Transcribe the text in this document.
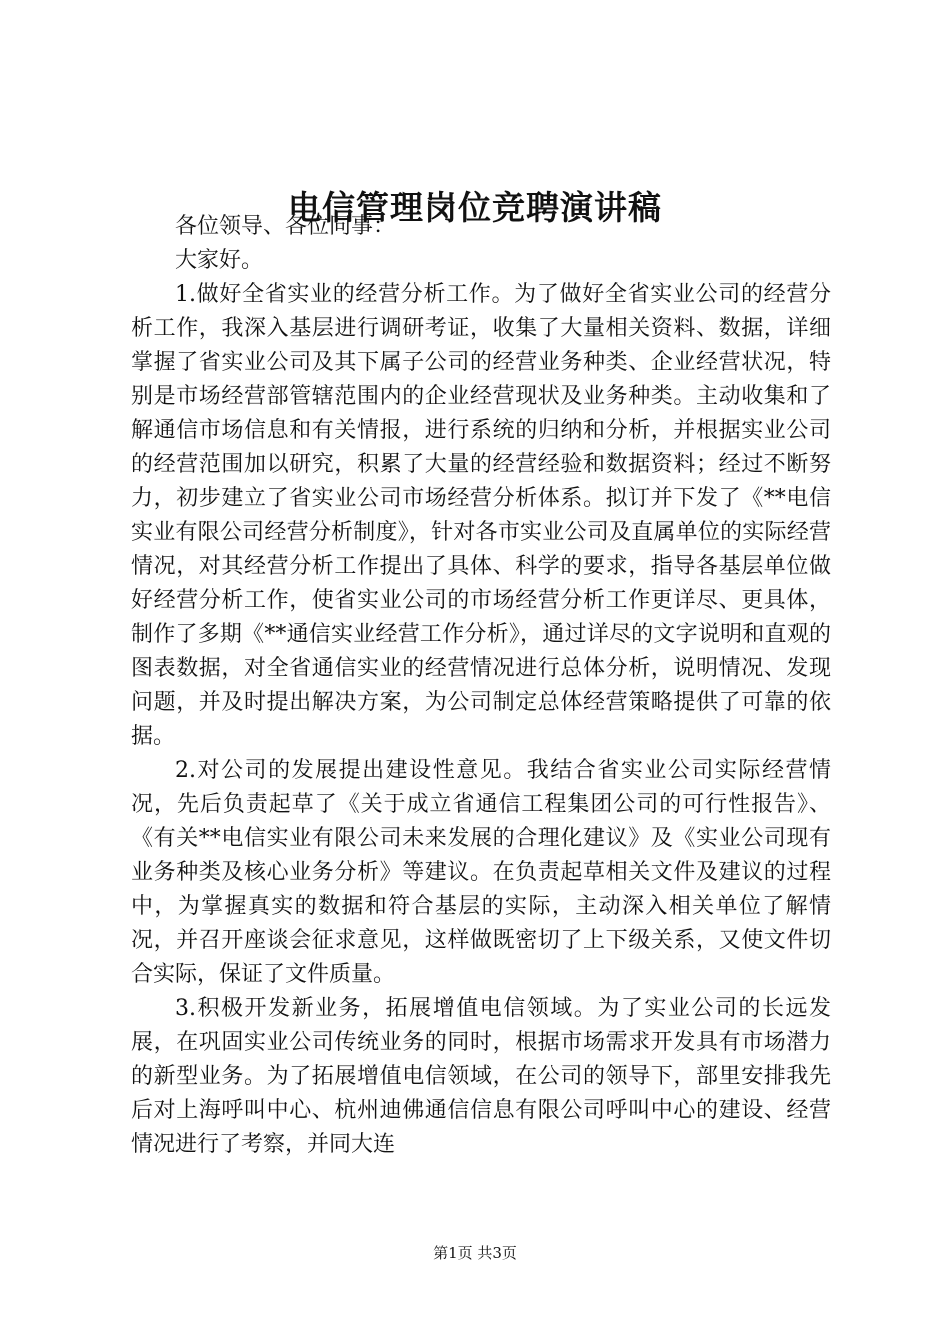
电信管理岗位竞聘演讲稿

各位领导、各位同事：

大家好。

1.做好全省实业的经营分析工作。为了做好全省实业公司的经营分析工作，我深入基层进行调研考证，收集了大量相关资料、数据，详细掌握了省实业公司及其下属子公司的经营业务种类、企业经营状况，特别是市场经营部管辖范围内的企业经营现状及业务种类。主动收集和了解通信市场信息和有关情报，进行系统的归纳和分析，并根据实业公司的经营范围加以研究，积累了大量的经营经验和数据资料；经过不断努力，初步建立了省实业公司市场经营分析体系。拟订并下发了《**电信实业有限公司经营分析制度》，针对各市实业公司及直属单位的实际经营情况，对其经营分析工作提出了具体、科学的要求，指导各基层单位做好经营分析工作，使省实业公司的市场经营分析工作更详尽、更具体，制作了多期《**通信实业经营工作分析》，通过详尽的文字说明和直观的图表数据，对全省通信实业的经营情况进行总体分析，说明情况、发现问题，并及时提出解决方案，为公司制定总体经营策略提供了可靠的依据。

2.对公司的发展提出建设性意见。我结合省实业公司实际经营情况，先后负责起草了《关于成立省通信工程集团公司的可行性报告》、《有关**电信实业有限公司未来发展的合理化建议》及《实业公司现有业务种类及核心业务分析》等建议。在负责起草相关文件及建议的过程中，为掌握真实的数据和符合基层的实际，主动深入相关单位了解情况，并召开座谈会征求意见，这样做既密切了上下级关系，又使文件切合实际，保证了文件质量。

3.积极开发新业务，拓展增值电信领域。为了实业公司的长远发展，在巩固实业公司传统业务的同时，根据市场需求开发具有市场潜力的新型业务。为了拓展增值电信领域，在公司的领导下，部里安排我先后对上海呼叫中心、杭州迪佛通信信息有限公司呼叫中心的建设、经营情况进行了考察，并同大连

第1页 共3页
